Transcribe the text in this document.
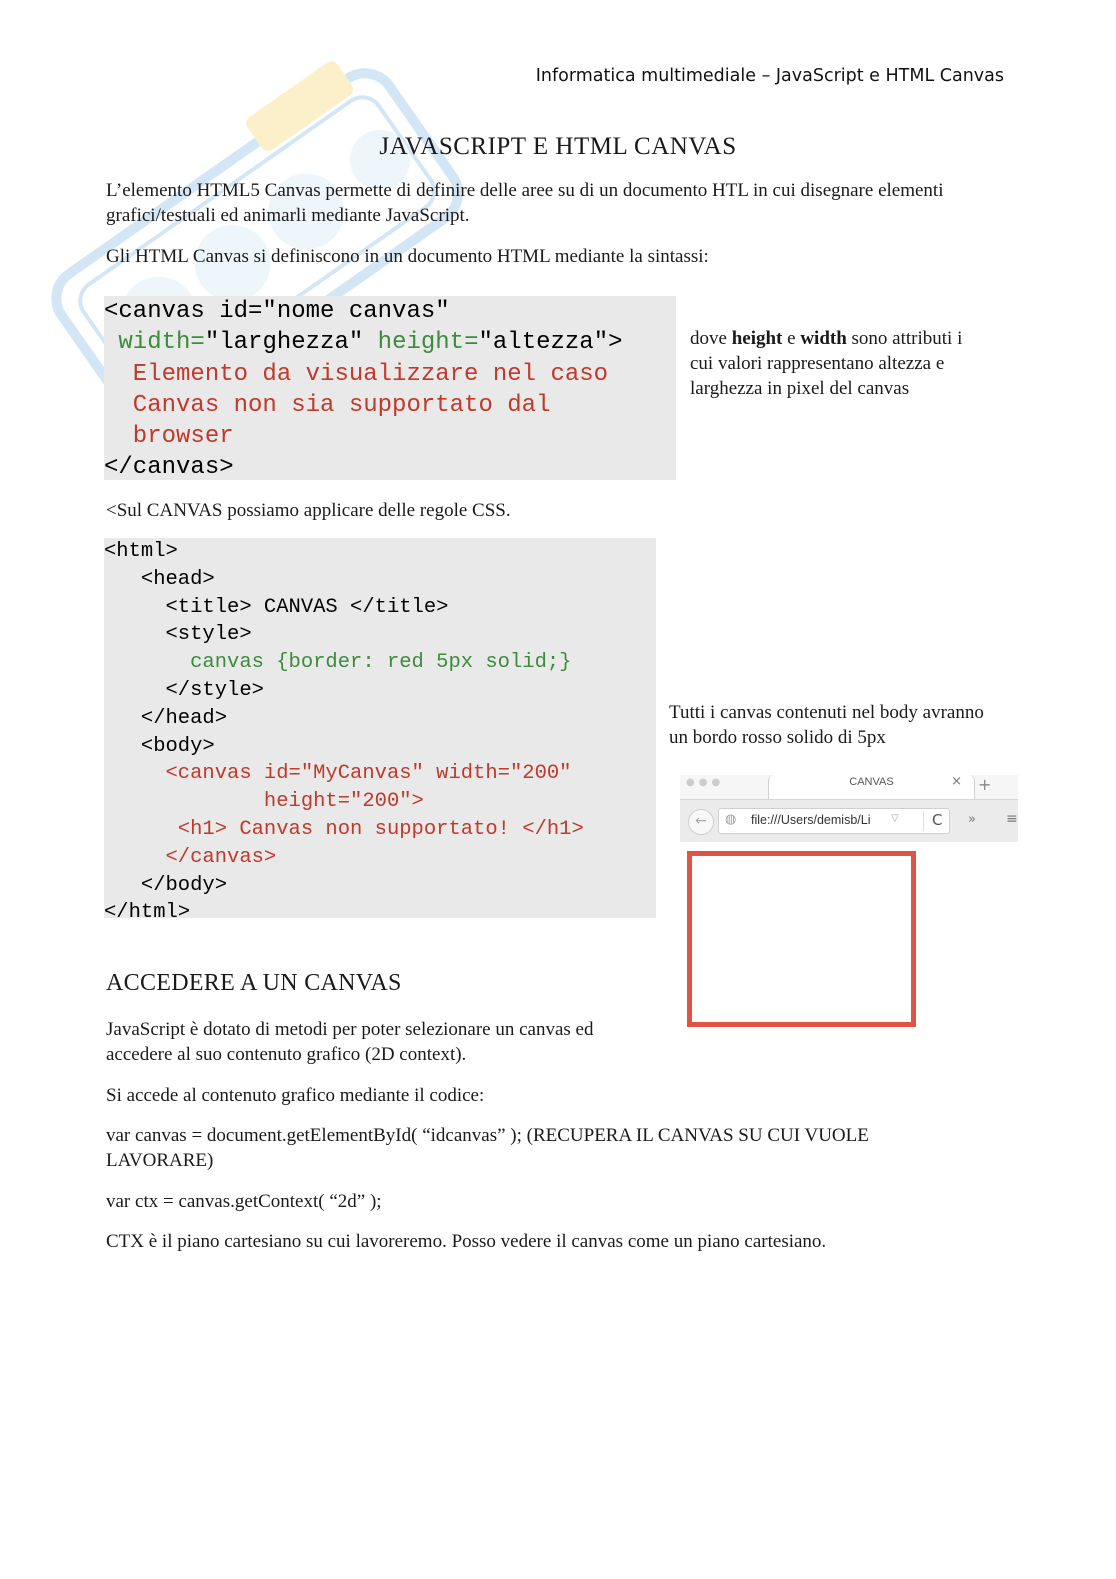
Informatica multimediale – JavaScript e HTML Canvas
JAVASCRIPT E HTML CANVAS
L’elemento HTML5 Canvas permette di definire delle aree su di un documento HTL in cui disegnare elementi grafici/testuali ed animarli mediante JavaScript.
Gli HTML Canvas si definiscono in un documento HTML mediante la sintassi:
<canvas id="nome canvas"
width="larghezza" height="altezza">
Elemento da visualizzare nel caso
Canvas non sia supportato dal
browser
</canvas>
dove height e width sono attributi i cui valori rappresentano altezza e larghezza in pixel del canvas
<Sul CANVAS possiamo applicare delle regole CSS.
<html>
<head>
<title> CANVAS </title>
<style>
canvas {border: red 5px solid;}
</style>
</head>
<body>
<canvas id="MyCanvas" width="200"
height="200">
<h1> Canvas non supportato! </h1>
</canvas>
</body>
</html>
Tutti i canvas contenuti nel body avranno un bordo rosso solido di 5px
●●●	CANVAS	× +
←	◍ file:///Users/demisb/Li ▽	C » ≡
ACCEDERE A UN CANVAS
JavaScript è dotato di metodi per poter selezionare un canvas ed accedere al suo contenuto grafico (2D context).
Si accede al contenuto grafico mediante il codice:
var canvas = document.getElementById( “idcanvas” ); (RECUPERA IL CANVAS SU CUI VUOLE LAVORARE)
var ctx = canvas.getContext( “2d” );
CTX è il piano cartesiano su cui lavoreremo. Posso vedere il canvas come un piano cartesiano.
